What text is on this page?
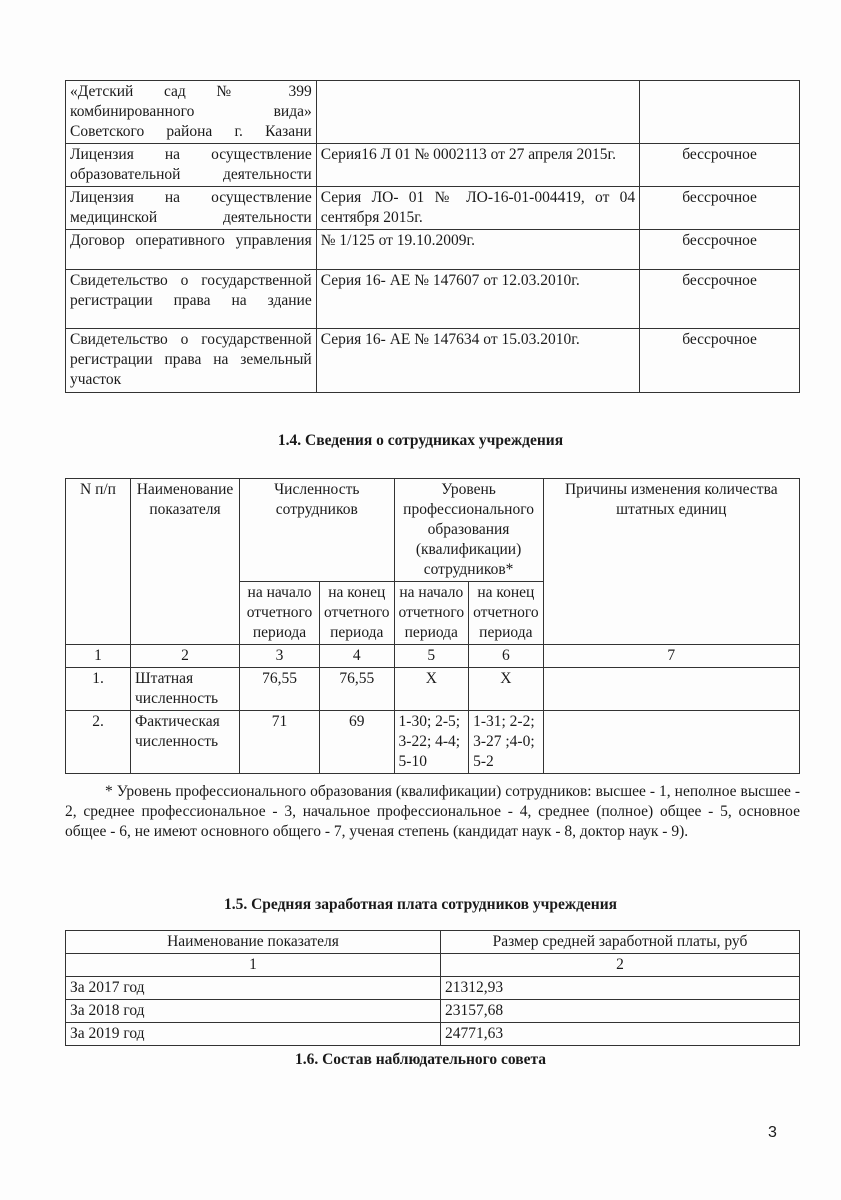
«Детский сад № 399 комбинированного вида» Советского района г. Казани		
Лицензия на осуществление образовательной деятельности	Серия16 Л 01 № 0002113 от 27 апреля 2015г.	бессрочное
Лицензия на осуществление медицинской деятельности	Серия ЛО- 01 № ЛО-16-01-004419, от 04 сентября 2015г.	бессрочное
Договор оперативного управления	№ 1/125 от 19.10.2009г.	бессрочное
Свидетельство о государственной регистрации права на здание	Серия 16- АЕ № 147607 от 12.03.2010г.	бессрочное
Свидетельство о государственной регистрации права на земельный участок	Серия 16- АЕ № 147634 от 15.03.2010г.	бессрочное
1.4. Сведения о сотрудниках учреждения
N п/п	Наименование показателя	Численность сотрудников		Уровень профессионального образования (квалификации) сотрудников*		Причины изменения количества штатных единиц
		на начало отчетного периода	на конец отчетного периода	на начало отчетного периода	на конец отчетного периода	
1	2	3	4	5	6	7
1.	Штатная численность	76,55	76,55	Х	Х	
2.	Фактическая численность	71	69	1-30; 2-5; 3-22; 4-4; 5-10	1-31; 2-2; 3-27 ;4-0; 5-2	
* Уровень профессионального образования (квалификации) сотрудников: высшее - 1, неполное высшее - 2, среднее профессиональное - 3, начальное профессиональное - 4, среднее (полное) общее - 5, основное общее - 6, не имеют основного общего - 7, ученая степень (кандидат наук - 8, доктор наук - 9).
1.5. Средняя заработная плата сотрудников учреждения
Наименование показателя	Размер средней заработной платы, руб
1	2
За 2017 год	21312,93
За 2018 год	23157,68
За 2019 год	24771,63
1.6. Состав наблюдательного совета
3
